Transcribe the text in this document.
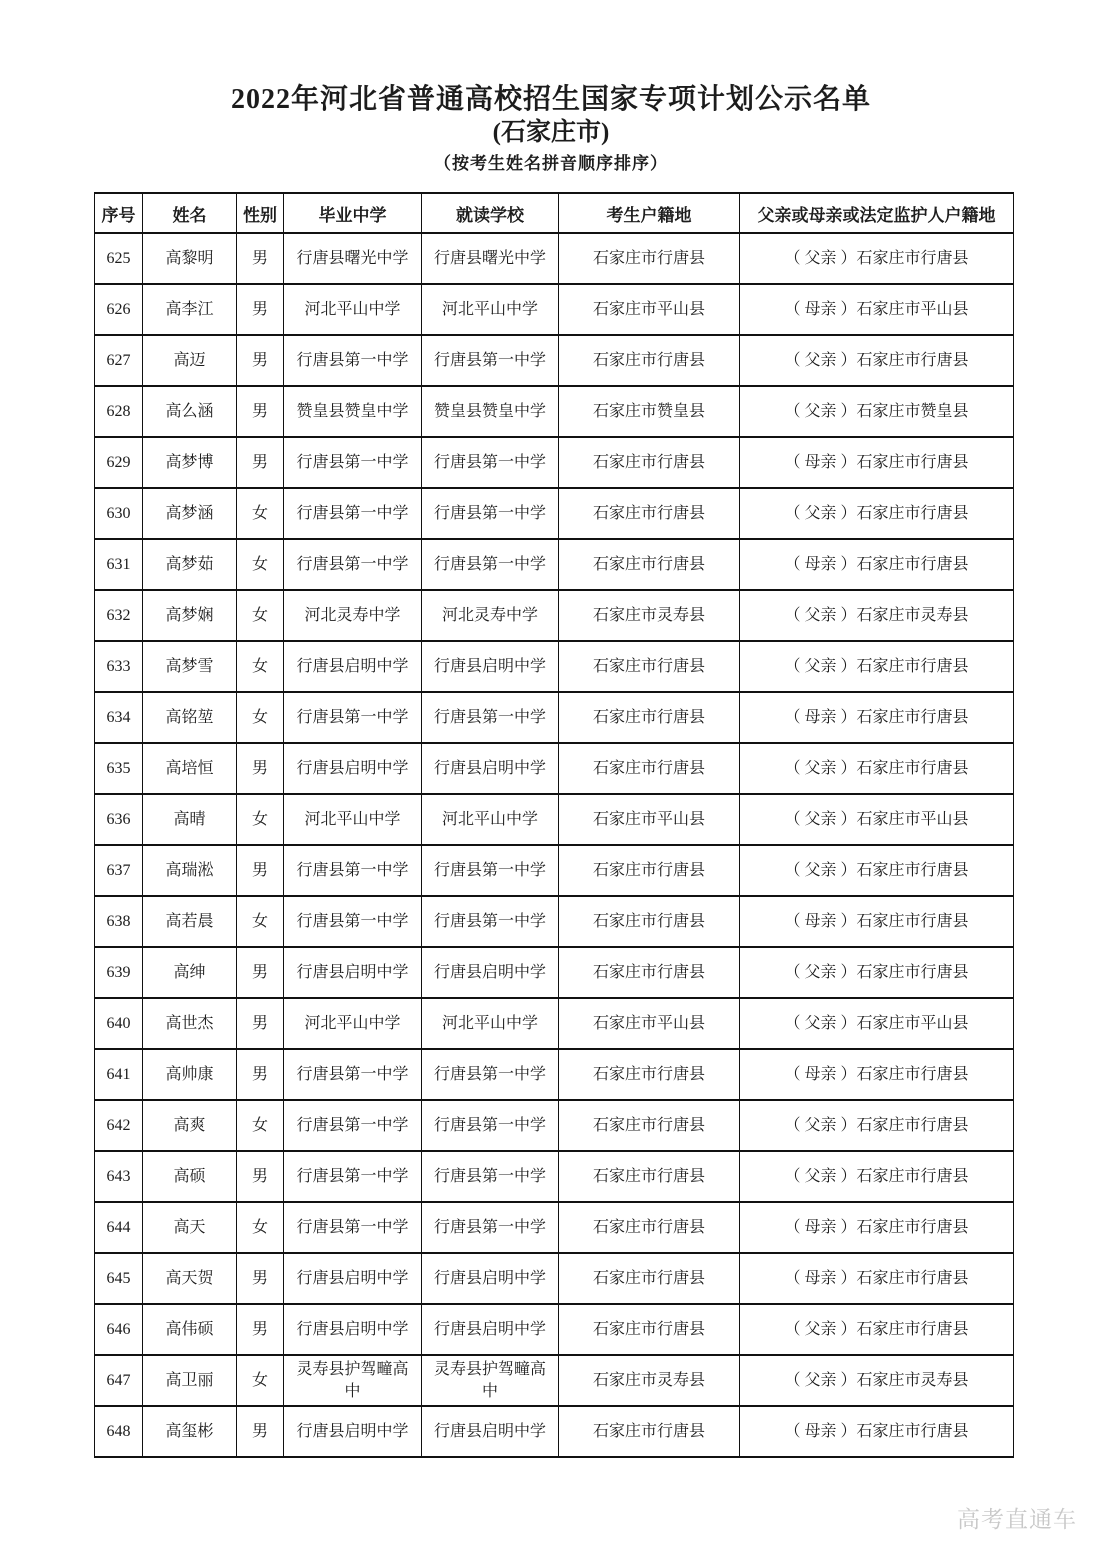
2022年河北省普通高校招生国家专项计划公示名单
(石家庄市)
（按考生姓名拼音顺序排序）
序号	姓名	性别	毕业中学	就读学校	考生户籍地	父亲或母亲或法定监护人户籍地
625	高黎明	男	行唐县曙光中学	行唐县曙光中学	石家庄市行唐县	（ 父亲 ）石家庄市行唐县
626	高李江	男	河北平山中学	河北平山中学	石家庄市平山县	（ 母亲 ）石家庄市平山县
627	高迈	男	行唐县第一中学	行唐县第一中学	石家庄市行唐县	（ 父亲 ）石家庄市行唐县
628	高么涵	男	赞皇县赞皇中学	赞皇县赞皇中学	石家庄市赞皇县	（ 父亲 ）石家庄市赞皇县
629	高梦博	男	行唐县第一中学	行唐县第一中学	石家庄市行唐县	（ 母亲 ）石家庄市行唐县
630	高梦涵	女	行唐县第一中学	行唐县第一中学	石家庄市行唐县	（ 父亲 ）石家庄市行唐县
631	高梦茹	女	行唐县第一中学	行唐县第一中学	石家庄市行唐县	（ 母亲 ）石家庄市行唐县
632	高梦娴	女	河北灵寿中学	河北灵寿中学	石家庄市灵寿县	（ 父亲 ）石家庄市灵寿县
633	高梦雪	女	行唐县启明中学	行唐县启明中学	石家庄市行唐县	（ 父亲 ）石家庄市行唐县
634	高铭堃	女	行唐县第一中学	行唐县第一中学	石家庄市行唐县	（ 母亲 ）石家庄市行唐县
635	高培恒	男	行唐县启明中学	行唐县启明中学	石家庄市行唐县	（ 父亲 ）石家庄市行唐县
636	高晴	女	河北平山中学	河北平山中学	石家庄市平山县	（ 父亲 ）石家庄市平山县
637	高瑞淞	男	行唐县第一中学	行唐县第一中学	石家庄市行唐县	（ 父亲 ）石家庄市行唐县
638	高若晨	女	行唐县第一中学	行唐县第一中学	石家庄市行唐县	（ 母亲 ）石家庄市行唐县
639	高绅	男	行唐县启明中学	行唐县启明中学	石家庄市行唐县	（ 父亲 ）石家庄市行唐县
640	高世杰	男	河北平山中学	河北平山中学	石家庄市平山县	（ 父亲 ）石家庄市平山县
641	高帅康	男	行唐县第一中学	行唐县第一中学	石家庄市行唐县	（ 母亲 ）石家庄市行唐县
642	高爽	女	行唐县第一中学	行唐县第一中学	石家庄市行唐县	（ 父亲 ）石家庄市行唐县
643	高硕	男	行唐县第一中学	行唐县第一中学	石家庄市行唐县	（ 父亲 ）石家庄市行唐县
644	高天	女	行唐县第一中学	行唐县第一中学	石家庄市行唐县	（ 母亲 ）石家庄市行唐县
645	高天贺	男	行唐县启明中学	行唐县启明中学	石家庄市行唐县	（ 母亲 ）石家庄市行唐县
646	高伟硕	男	行唐县启明中学	行唐县启明中学	石家庄市行唐县	（ 父亲 ）石家庄市行唐县
647	高卫丽	女	灵寿县护驾疃高中	灵寿县护驾疃高中	石家庄市灵寿县	（ 父亲 ）石家庄市灵寿县
648	高玺彬	男	行唐县启明中学	行唐县启明中学	石家庄市行唐县	（ 母亲 ）石家庄市行唐县
高考直通车
